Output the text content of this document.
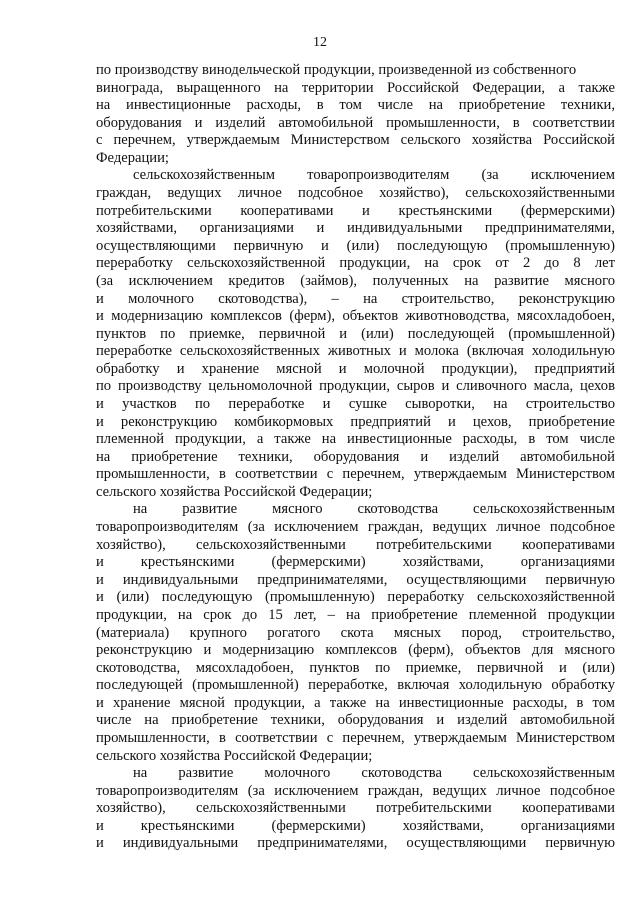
12
по производству винодельческой продукции, произведенной из собственного
винограда, выращенного на территории Российской Федерации, а также
на инвестиционные расходы, в том числе на приобретение техники,
оборудования и изделий автомобильной промышленности, в соответствии
с перечнем, утверждаемым Министерством сельского хозяйства Российской
Федерации;
сельскохозяйственным товаропроизводителям (за исключением
граждан, ведущих личное подсобное хозяйство), сельскохозяйственными
потребительскими кооперативами и крестьянскими (фермерскими)
хозяйствами, организациями и индивидуальными предпринимателями,
осуществляющими первичную и (или) последующую (промышленную)
переработку сельскохозяйственной продукции, на срок от 2 до 8 лет
(за исключением кредитов (займов), полученных на развитие мясного
и молочного скотоводства), – на строительство, реконструкцию
и модернизацию комплексов (ферм), объектов животноводства, мясохладобоен,
пунктов по приемке, первичной и (или) последующей (промышленной)
переработке сельскохозяйственных животных и молока (включая холодильную
обработку и хранение мясной и молочной продукции), предприятий
по производству цельномолочной продукции, сыров и сливочного масла, цехов
и участков по переработке и сушке сыворотки, на строительство
и реконструкцию комбикормовых предприятий и цехов, приобретение
племенной продукции, а также на инвестиционные расходы, в том числе
на приобретение техники, оборудования и изделий автомобильной
промышленности, в соответствии с перечнем, утверждаемым Министерством
сельского хозяйства Российской Федерации;
на развитие мясного скотоводства сельскохозяйственным
товаропроизводителям (за исключением граждан, ведущих личное подсобное
хозяйство), сельскохозяйственными потребительскими кооперативами
и крестьянскими (фермерскими) хозяйствами, организациями
и индивидуальными предпринимателями, осуществляющими первичную
и (или) последующую (промышленную) переработку сельскохозяйственной
продукции, на срок до 15 лет, – на приобретение племенной продукции
(материала) крупного рогатого скота мясных пород, строительство,
реконструкцию и модернизацию комплексов (ферм), объектов для мясного
скотоводства, мясохладобоен, пунктов по приемке, первичной и (или)
последующей (промышленной) переработке, включая холодильную обработку
и хранение мясной продукции, а также на инвестиционные расходы, в том
числе на приобретение техники, оборудования и изделий автомобильной
промышленности, в соответствии с перечнем, утверждаемым Министерством
сельского хозяйства Российской Федерации;
на развитие молочного скотоводства сельскохозяйственным
товаропроизводителям (за исключением граждан, ведущих личное подсобное
хозяйство), сельскохозяйственными потребительскими кооперативами
и крестьянскими (фермерскими) хозяйствами, организациями
и индивидуальными предпринимателями, осуществляющими первичную
